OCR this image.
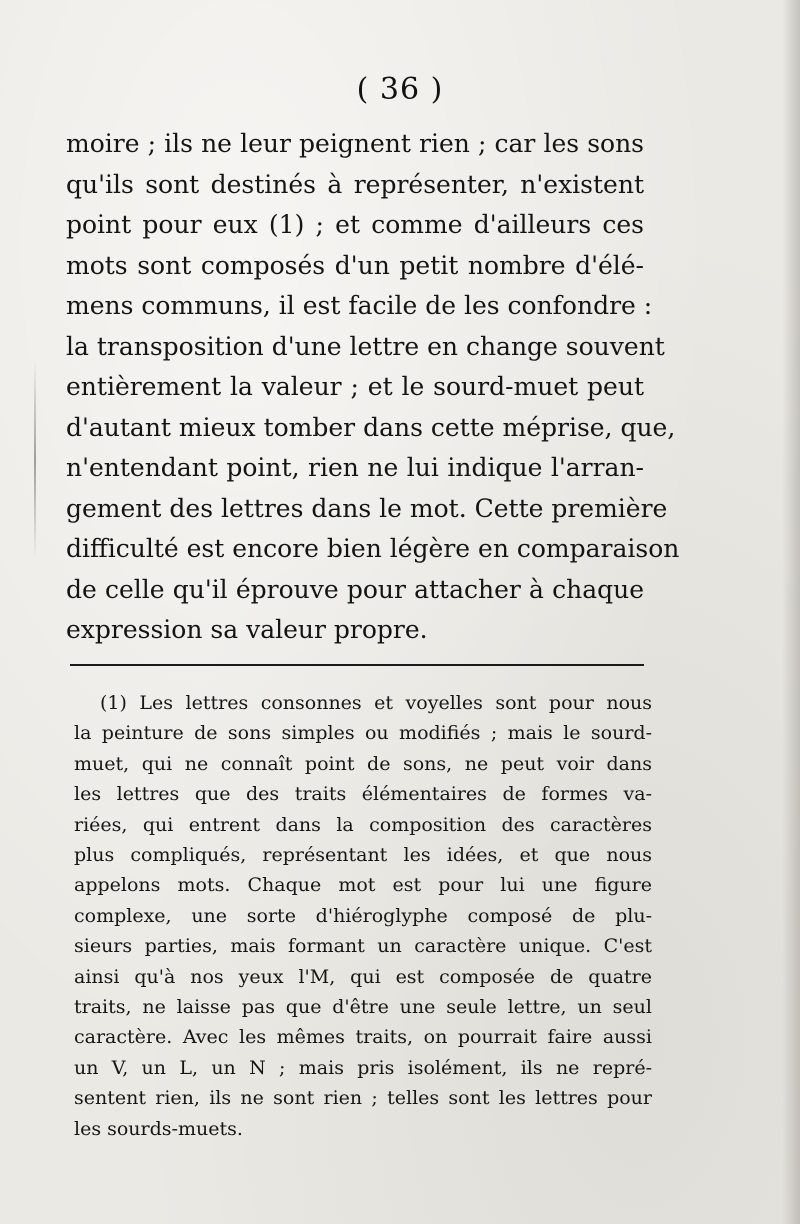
( 36 )
moire ; ils ne leur peignent rien ; car les sons
qu'ils sont destinés à représenter, n'existent
point pour eux (1) ; et comme d'ailleurs ces
mots sont composés d'un petit nombre d'élé-
mens communs, il est facile de les confondre :
la transposition d'une lettre en change souvent
entièrement la valeur ; et le sourd-muet peut
d'autant mieux tomber dans cette méprise, que,
n'entendant point, rien ne lui indique l'arran-
gement des lettres dans le mot. Cette première
difficulté est encore bien légère en comparaison
de celle qu'il éprouve pour attacher à chaque
expression sa valeur propre.
(1) Les lettres consonnes et voyelles sont pour nous
la peinture de sons simples ou modifiés ; mais le sourd-
muet, qui ne connaît point de sons, ne peut voir dans
les lettres que des traits élémentaires de formes va-
riées, qui entrent dans la composition des caractères
plus compliqués, représentant les idées, et que nous
appelons mots. Chaque mot est pour lui une figure
complexe, une sorte d'hiéroglyphe composé de plu-
sieurs parties, mais formant un caractère unique. C'est
ainsi qu'à nos yeux l'M, qui est composée de quatre
traits, ne laisse pas que d'être une seule lettre, un seul
caractère. Avec les mêmes traits, on pourrait faire aussi
un V, un L, un N ; mais pris isolément, ils ne repré-
sentent rien, ils ne sont rien ; telles sont les lettres pour
les sourds-muets.
